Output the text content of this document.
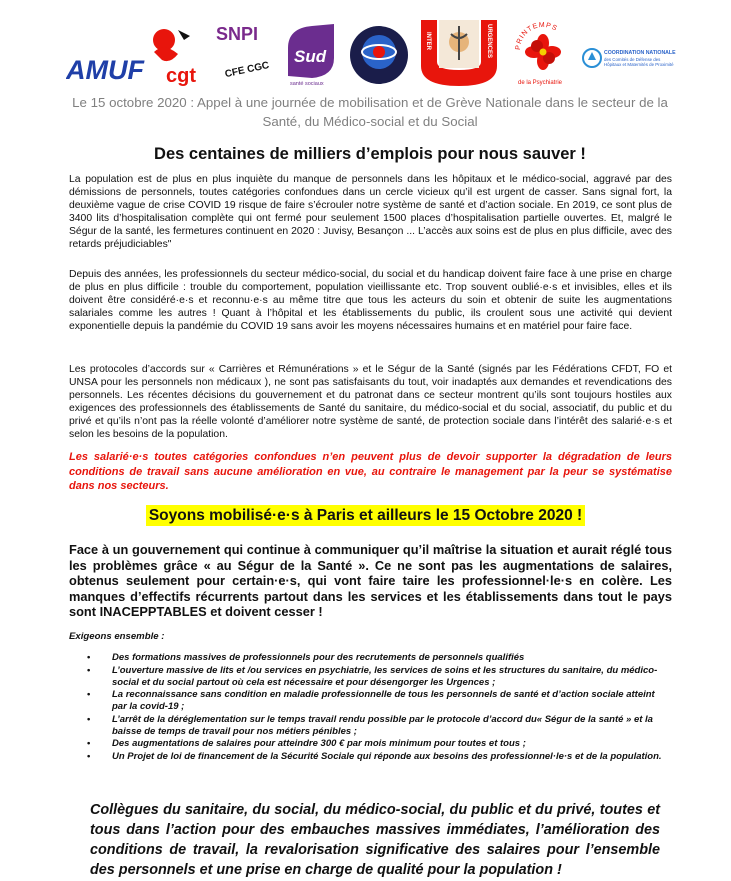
AMUF cgt
SNPI
CFE CGC
Sud
santé sociaux
INTER	URGENCES	PRINTEMPS
de la Psychiatrie
COORDINATION NATIONALE
des Comités de Défense des Hôpitaux et Maternités de Proximité
Le 15 octobre 2020 : Appel à une journée de mobilisation et de Grève Nationale dans le secteur de la Santé, du Médico-social et du Social
Des centaines de milliers d’emplois pour nous sauver !

La population est de plus en plus inquiète du manque de personnels dans les hôpitaux et le médico-social, aggravé par des démissions de personnels, toutes catégories confondues dans un cercle vicieux qu’il est urgent de casser. Sans signal fort, la deuxième vague de crise COVID 19 risque de faire s’écrouler notre système de santé et d’action sociale. En 2019, ce sont plus de 3400 lits d’hospitalisation complète qui ont fermé pour seulement 1500 places d’hospitalisation partielle ouvertes. Et, malgré le Ségur de la santé, les fermetures continuent en 2020 : Juvisy, Besançon ... L’accès aux soins est de plus en plus difficile, avec des retards préjudiciables"

Depuis des années, les professionnels du secteur médico-social, du social et du handicap doivent faire face à une prise en charge de plus en plus difficile : trouble du comportement, population vieillissante etc. Trop souvent oublié·e·s et invisibles, elles et ils doivent être considéré·e·s et reconnu·e·s au même titre que tous les acteurs du soin et obtenir de suite les augmentations salariales comme les autres ! Quant à l’hôpital et les établissements du public, ils croulent sous une activité qui devient exponentielle depuis la pandémie du COVID 19 sans avoir les moyens nécessaires humains et en matériel pour faire face.

Les protocoles d’accords sur « Carrières et Rémunérations » et le Ségur de la Santé (signés par les Fédérations CFDT, FO et UNSA pour les personnels non médicaux ), ne sont pas satisfaisants du tout, voir inadaptés aux demandes et revendications des personnels. Les récentes décisions du gouvernement et du patronat dans ce secteur montrent qu’ils sont toujours hostiles aux exigences des professionnels des établissements de Santé du sanitaire, du médico-social et du social, associatif, du public et du privé et qu’ils n’ont pas la réelle volonté d’améliorer notre système de santé, de protection sociale dans l’intérêt des salarié·e·s et selon les besoins de la population.

Les salarié·e·s toutes catégories confondues n’en peuvent plus de devoir supporter la dégradation de leurs conditions de travail sans aucune amélioration en vue, au contraire le management par la peur se systématise dans nos secteurs.

Soyons mobilisé·e·s à Paris et ailleurs le 15 Octobre 2020 !

Face à un gouvernement qui continue à communiquer qu’il maîtrise la situation et aurait réglé tous les problèmes grâce « au Ségur de la Santé ». Ce ne sont pas les augmentations de salaires, obtenus seulement pour certain·e·s, qui vont faire taire les professionnel·le·s en colère. Les manques d’effectifs récurrents partout dans les services et les établissements dans tout le pays sont INACEPPTABLES et doivent cesser !

Exigeons ensemble :
• Des formations massives de professionnels pour des recrutements de personnels qualifiés
• L’ouverture massive de lits et /ou services en psychiatrie, les services de soins et les structures du sanitaire, du médico-social et du social partout où cela est nécessaire et pour désengorger les Urgences ;
• La reconnaissance sans condition en maladie professionnelle de tous les personnels de santé et d’action sociale atteint par la covid-19 ;
• L’arrêt de la déréglementation sur le temps travail rendu possible par le protocole d’accord du« Ségur de la santé » et la baisse de temps de travail pour nos métiers pénibles ;
• Des augmentations de salaires pour atteindre 300 € par mois minimum pour toutes et tous ;
• Un Projet de loi de financement de la Sécurité Sociale qui réponde aux besoins des professionnel·le·s et de la population.

Collègues du sanitaire, du social, du médico-social, du public et du privé, toutes et tous dans l’action pour des embauches massives immédiates, l’amélioration des conditions de travail, la revalorisation significative des salaires pour l’ensemble des personnels et une prise en charge de qualité pour la population !
